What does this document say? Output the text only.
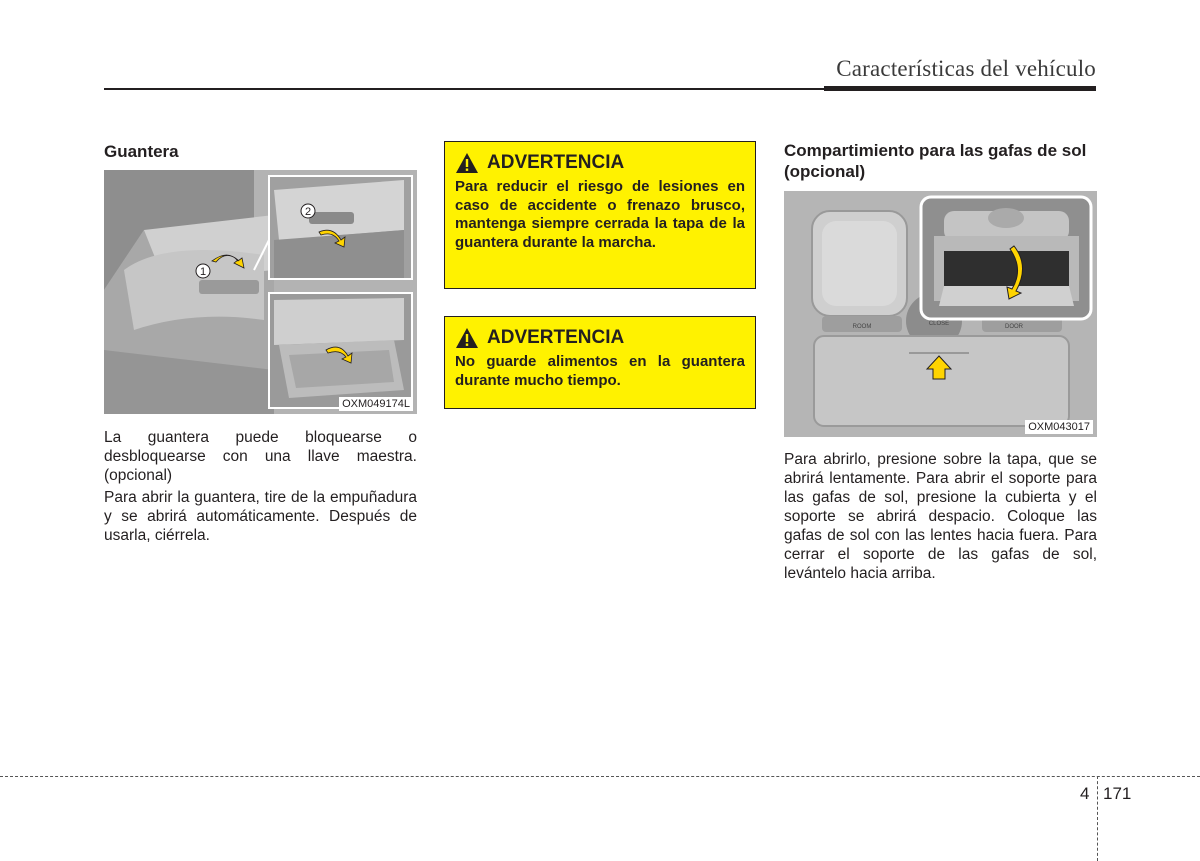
Características del vehículo
Guantera
1
2
OXM049174L

La guantera puede bloquearse o desbloquearse con una llave maestra. (opcional)

Para abrir la guantera, tire de la empuñadura y se abrirá automáticamente. Después de usarla, ciérrela.

ADVERTENCIA
Para reducir el riesgo de lesiones en caso de accidente o frenazo brusco, mantenga siempre cerrada la tapa de la guantera durante la marcha.
ADVERTENCIA
No guarde alimentos en la guantera durante mucho tiempo.
Compartimiento para las gafas de sol (opcional)
ROOM	CLOSE	DOOR
OXM043017

Para abrirlo, presione sobre la tapa, que se abrirá lentamente. Para abrir el soporte para las gafas de sol, presione la cubierta y el soporte se abrirá despacio. Coloque las gafas de sol con las lentes hacia fuera. Para cerrar el soporte de las gafas de sol, levántelo hacia arriba.

4 171
